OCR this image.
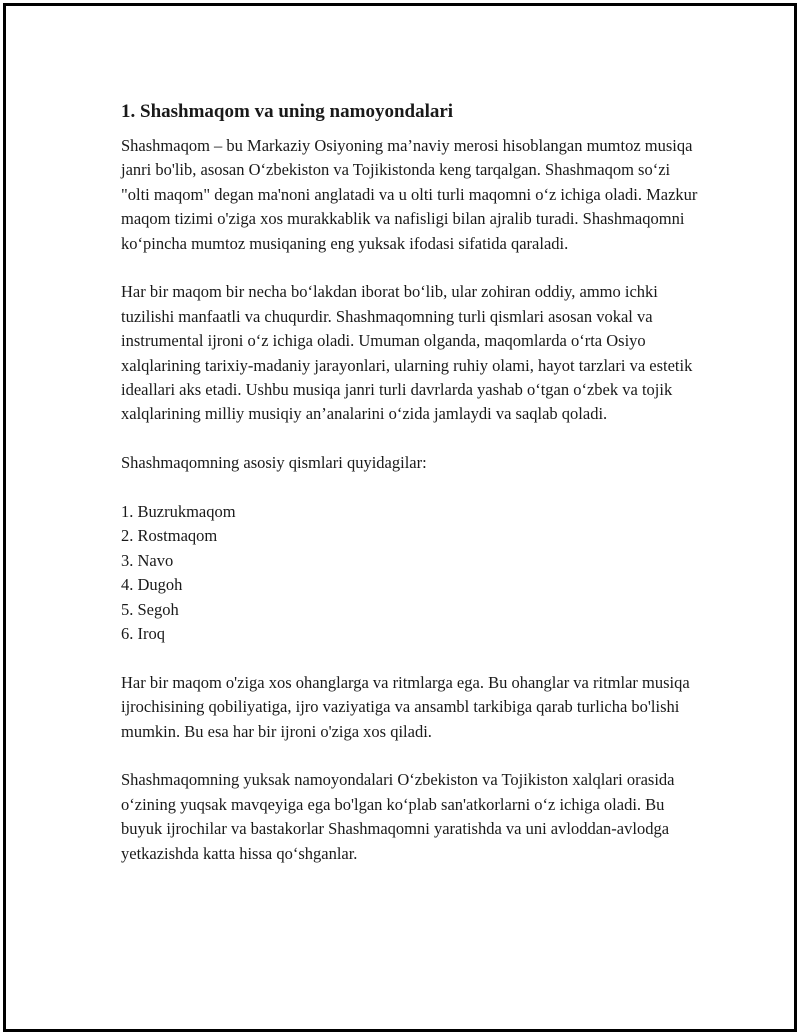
1. Shashmaqom va uning namoyondalari

Shashmaqom – bu Markaziy Osiyoning ma’naviy merosi hisoblangan mumtoz musiqa janri bo'lib, asosan O‘zbekiston va Tojikistonda keng tarqalgan. Shashmaqom so‘zi "olti maqom" degan ma'noni anglatadi va u olti turli maqomni o‘z ichiga oladi. Mazkur maqom tizimi o'ziga xos murakkablik va nafisligi bilan ajralib turadi. Shashmaqomni ko‘pincha mumtoz musiqaning eng yuksak ifodasi sifatida qaraladi.

Har bir maqom bir necha bo‘lakdan iborat bo‘lib, ular zohiran oddiy, ammo ichki tuzilishi manfaatli va chuqurdir. Shashmaqomning turli qismlari asosan vokal va instrumental ijroni o‘z ichiga oladi. Umuman olganda, maqomlarda o‘rta Osiyo xalqlarining tarixiy-madaniy jarayonlari, ularning ruhiy olami, hayot tarzlari va estetik ideallari aks etadi. Ushbu musiqa janri turli davrlarda yashab o‘tgan o‘zbek va tojik xalqlarining milliy musiqiy an’analarini o‘zida jamlaydi va saqlab qoladi.

Shashmaqomning asosiy qismlari quyidagilar:

1. Buzrukmaqom
2. Rostmaqom
3. Navo
4. Dugoh
5. Segoh
6. Iroq

Har bir maqom o'ziga xos ohanglarga va ritmlarga ega. Bu ohanglar va ritmlar musiqa ijrochisining qobiliyatiga, ijro vaziyatiga va ansambl tarkibiga qarab turlicha bo'lishi mumkin. Bu esa har bir ijroni o'ziga xos qiladi.

Shashmaqomning yuksak namoyondalari O‘zbekiston va Tojikiston xalqlari orasida o‘zining yuqsak mavqeyiga ega bo'lgan ko‘plab san'atkorlarni o‘z ichiga oladi. Bu buyuk ijrochilar va bastakorlar Shashmaqomni yaratishda va uni avloddan-avlodga yetkazishda katta hissa qo‘shganlar.
